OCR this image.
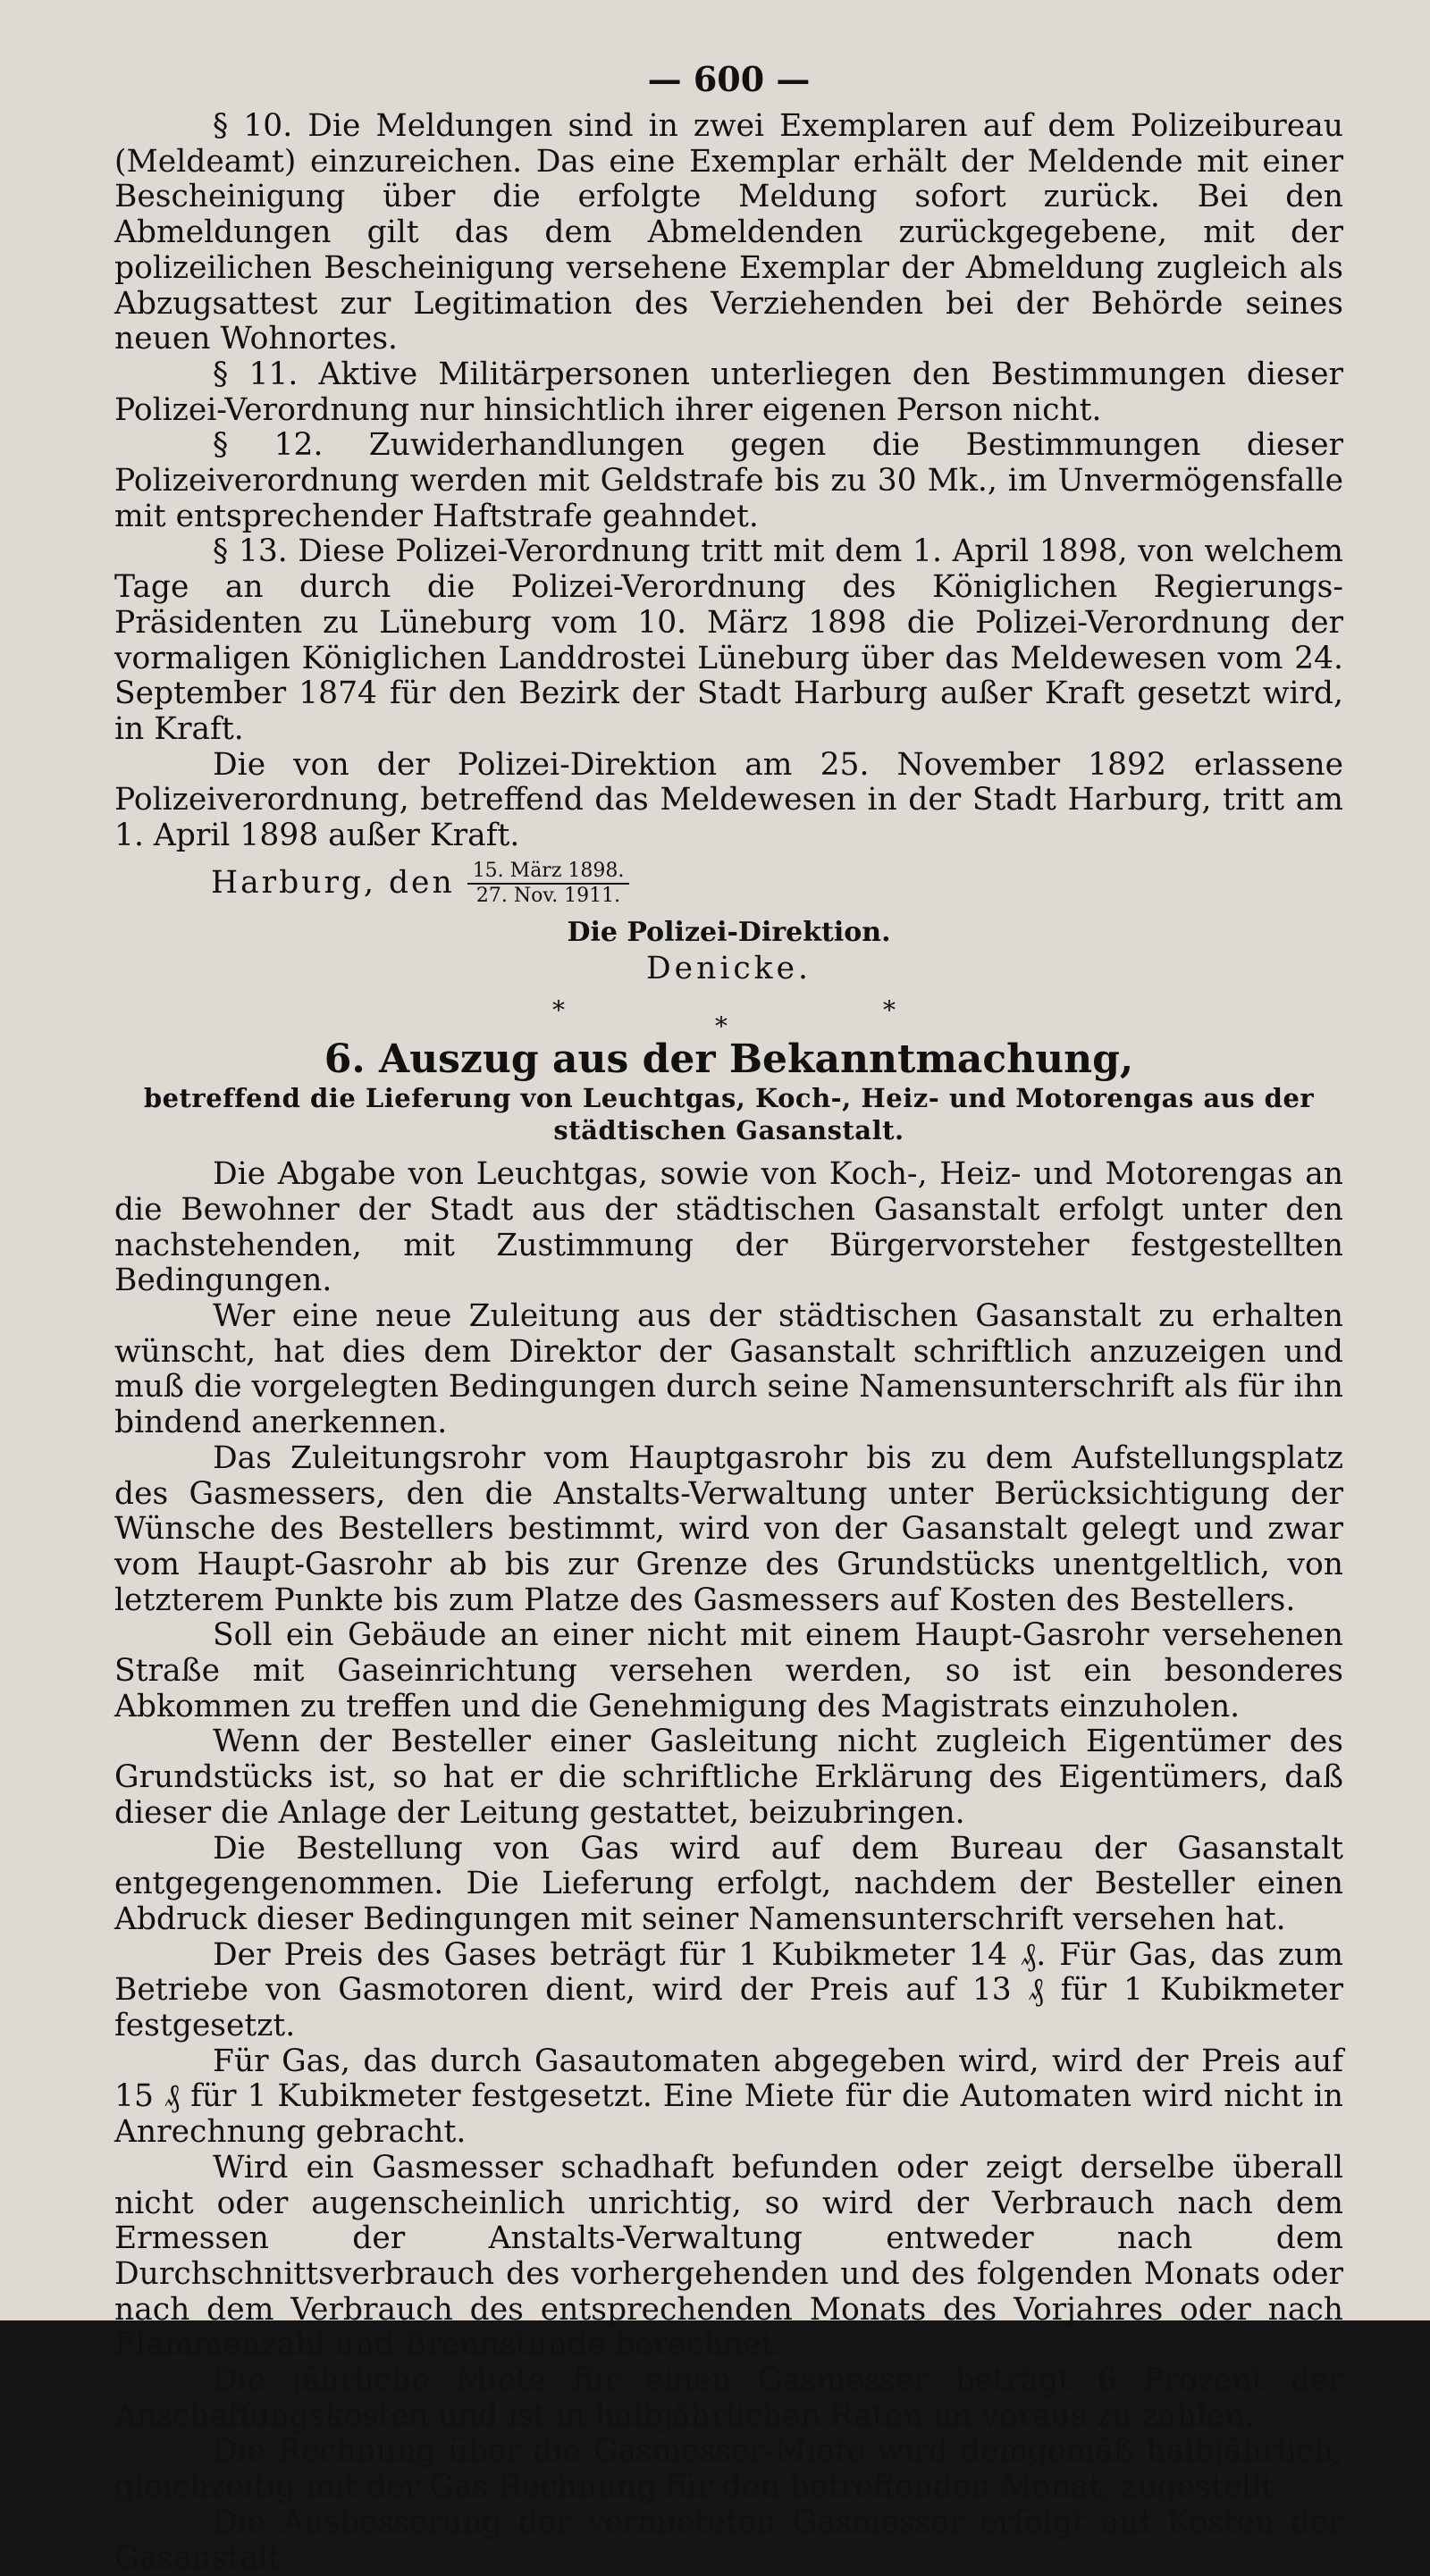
— 600 —

§ 10. Die Meldungen sind in zwei Exemplaren auf dem Polizeibureau (Meldeamt) einzureichen. Das eine Exemplar erhält der Meldende mit einer Bescheinigung über die erfolgte Meldung sofort zurück. Bei den Abmeldungen gilt das dem Abmeldenden zurückgegebene, mit der polizeilichen Bescheinigung versehene Exemplar der Abmeldung zugleich als Abzugsattest zur Legitimation des Verziehenden bei der Behörde seines neuen Wohnortes.

§ 11. Aktive Militärpersonen unterliegen den Bestimmungen dieser Polizei-Verordnung nur hinsichtlich ihrer eigenen Person nicht.

§ 12. Zuwiderhandlungen gegen die Bestimmungen dieser Polizeiverordnung werden mit Geldstrafe bis zu 30 Mk., im Unvermögensfalle mit entsprechender Haftstrafe geahndet.

§ 13. Diese Polizei-Verordnung tritt mit dem 1. April 1898, von welchem Tage an durch die Polizei-Verordnung des Königlichen Regierungs-Präsidenten zu Lüneburg vom 10. März 1898 die Polizei-Verordnung der vormaligen Königlichen Landdrostei Lüneburg über das Meldewesen vom 24. September 1874 für den Bezirk der Stadt Harburg außer Kraft gesetzt wird, in Kraft.

Die von der Polizei-Direktion am 25. November 1892 erlassene Polizeiverordnung, betreffend das Meldewesen in der Stadt Harburg, tritt am 1. April 1898 außer Kraft.

Harburg, den $\frac{\text{15. März 1898.}}{\text{27. Nov. 1911.}}$
Die Polizei-Direktion.
Denicke.
*
*
*
6. Auszug aus der Bekanntmachung,
betreffend die Lieferung von Leuchtgas, Koch-, Heiz- und Motorengas aus der städtischen Gasanstalt.

Die Abgabe von Leuchtgas, sowie von Koch-, Heiz- und Motorengas an die Bewohner der Stadt aus der städtischen Gasanstalt erfolgt unter den nachstehenden, mit Zustimmung der Bürgervorsteher festgestellten Bedingungen.

Wer eine neue Zuleitung aus der städtischen Gasanstalt zu erhalten wünscht, hat dies dem Direktor der Gasanstalt schriftlich anzuzeigen und muß die vorgelegten Bedingungen durch seine Namensunterschrift als für ihn bindend anerkennen.

Das Zuleitungsrohr vom Hauptgasrohr bis zu dem Aufstellungsplatz des Gasmessers, den die Anstalts-Verwaltung unter Berücksichtigung der Wünsche des Bestellers bestimmt, wird von der Gasanstalt gelegt und zwar vom Haupt-Gasrohr ab bis zur Grenze des Grundstücks unentgeltlich, von letzterem Punkte bis zum Platze des Gasmessers auf Kosten des Bestellers.

Soll ein Gebäude an einer nicht mit einem Haupt-Gasrohr versehenen Straße mit Gaseinrichtung versehen werden, so ist ein besonderes Abkommen zu treffen und die Genehmigung des Magistrats einzuholen.

Wenn der Besteller einer Gasleitung nicht zugleich Eigentümer des Grundstücks ist, so hat er die schriftliche Erklärung des Eigentümers, daß dieser die Anlage der Leitung gestattet, beizubringen.

Die Bestellung von Gas wird auf dem Bureau der Gasanstalt entgegengenommen. Die Lieferung erfolgt, nachdem der Besteller einen Abdruck dieser Bedingungen mit seiner Namensunterschrift versehen hat.

Der Preis des Gases beträgt für 1 Kubikmeter 14 ₰. Für Gas, das zum Betriebe von Gasmotoren dient, wird der Preis auf 13 ₰ für 1 Kubikmeter festgesetzt.

Für Gas, das durch Gasautomaten abgegeben wird, wird der Preis auf 15 ₰ für 1 Kubikmeter festgesetzt. Eine Miete für die Automaten wird nicht in Anrechnung gebracht.

Wird ein Gasmesser schadhaft befunden oder zeigt derselbe überall nicht oder augenscheinlich unrichtig, so wird der Verbrauch nach dem Ermessen der Anstalts-Verwaltung entweder nach dem Durchschnittsverbrauch des vorhergehenden und des folgenden Monats oder nach dem Verbrauch des entsprechenden Monats des Vorjahres oder nach Flammenzahl und Brennstunde berechnet.

Die jährliche Miete für einen Gasmesser beträgt 6 Prozent der Anschaffungskosten und ist in halbjährlichen Raten im voraus zu zahlen.

Die Rechnung über die Gasmesser-Miete wird demgemäß halbjährlich, gleichzeitig mit der Gas-Rechnung für den betreffenden Monat, zugestellt.

Die Ausbesserung der vermieteten Gasmesser erfolgt auf Kosten der Gasanstalt.
